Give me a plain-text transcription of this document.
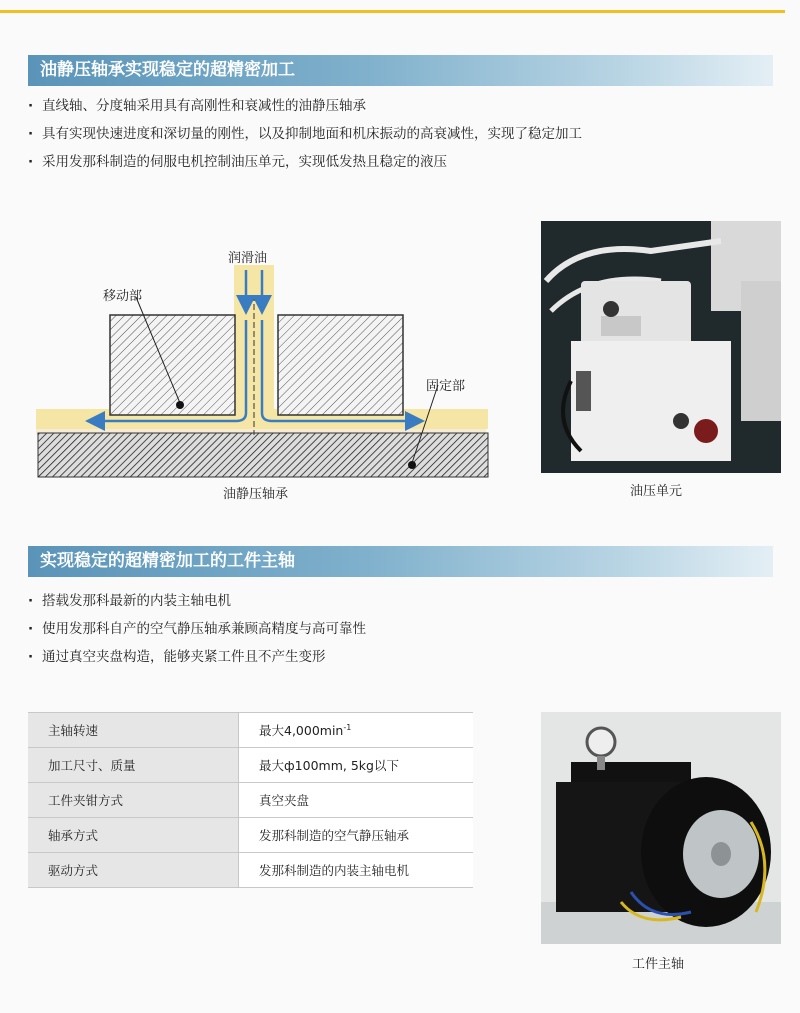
油静压轴承实现稳定的超精密加工
· 直线轴、分度轴采用具有高刚性和衰减性的油静压轴承
· 具有实现快速进度和深切量的刚性，以及抑制地面和机床振动的高衰减性，实现了稳定加工
· 采用发那科制造的伺服电机控制油压单元，实现低发热且稳定的液压
润滑油
移动部
固定部
油静压轴承	油压单元
实现稳定的超精密加工的工件主轴
· 搭载发那科最新的内装主轴电机
· 使用发那科自产的空气静压轴承兼顾高精度与高可靠性
· 通过真空夹盘构造，能够夹紧工件且不产生变形
主轴转速	最大$4,000\min^{-1}$
加工尺寸、质量	最大ф100mm, 5kg以下
工件夹钳方式	真空夹盘
轴承方式	发那科制造的空气静压轴承
驱动方式	发那科制造的内装主轴电机
工件主轴
